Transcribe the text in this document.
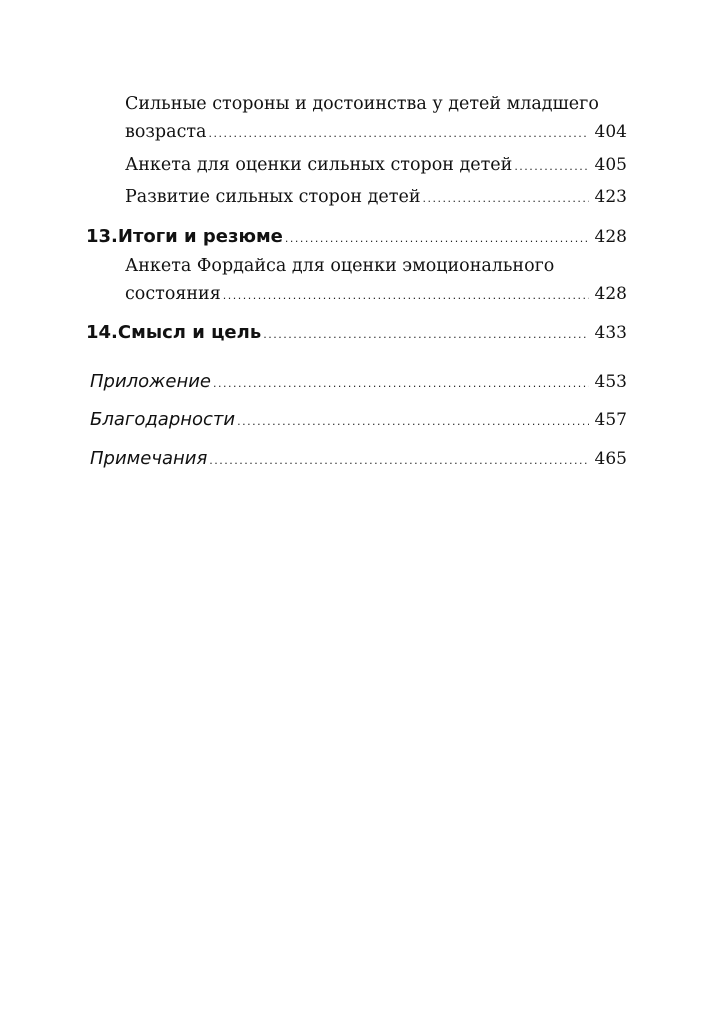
Сильные стороны и достоинства у детей младшего
возраста .....	404
Анкета для оценки сильных сторон детей .....	405
Развитие сильных сторон детей .....	423
13. Итоги и резюме .....	428
Анкета Фордайса для оценки эмоционального
состояния .....	428
14. Смысл и цель .....	433
Приложение .....	453
Благодарности .....	457
Примечания .....	465
